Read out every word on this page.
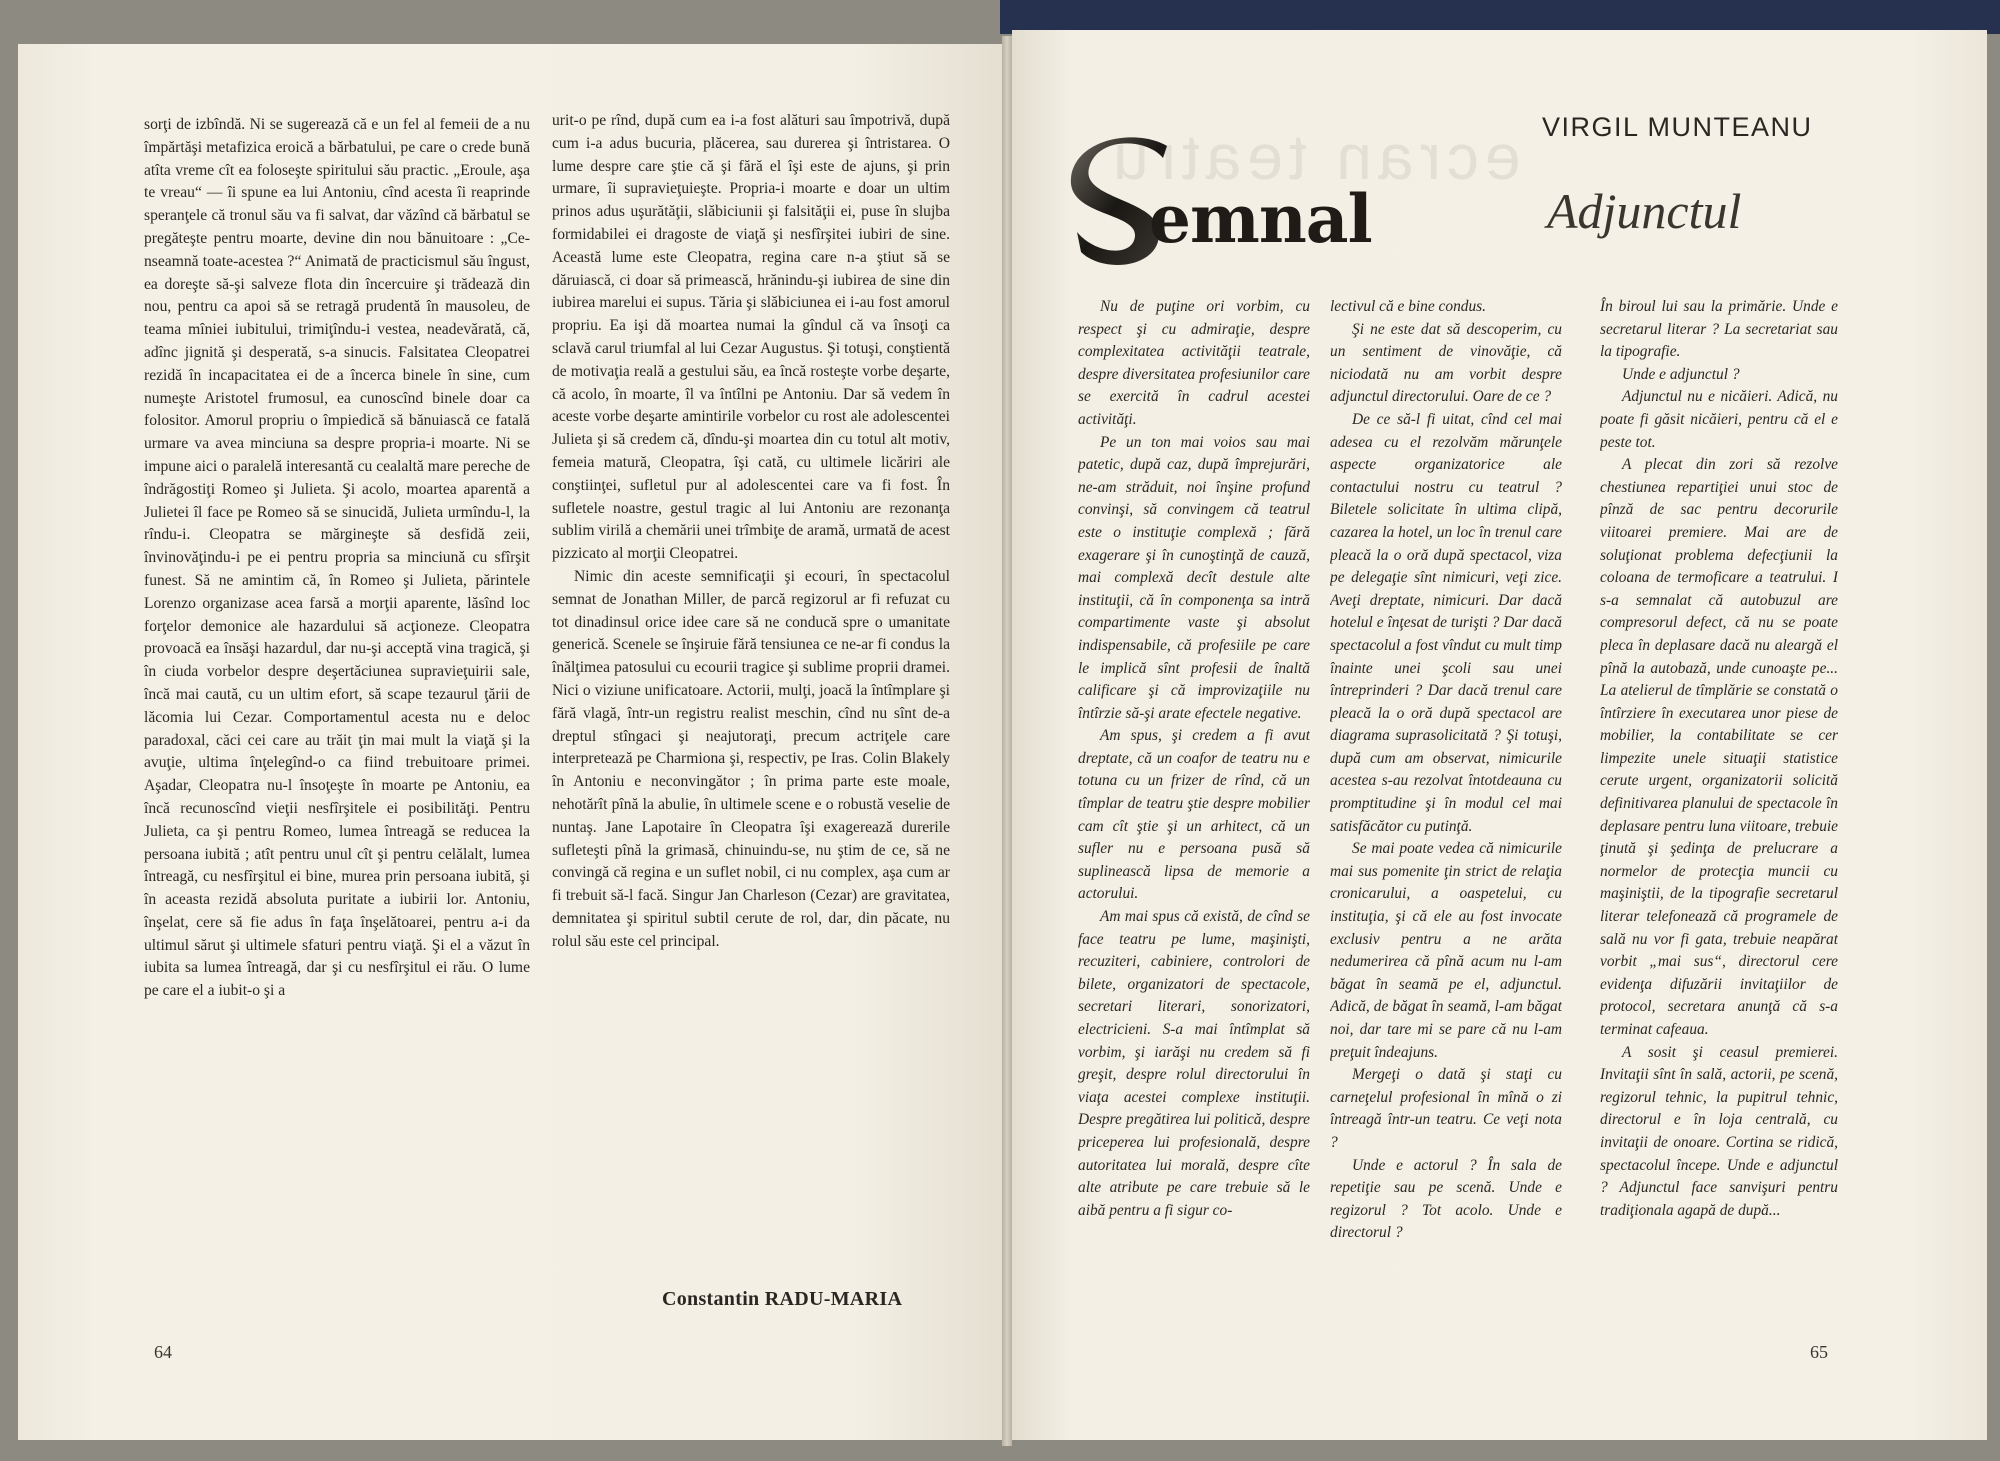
sorţi de izbîndă. Ni se sugerează că e un fel al femeii de a nu împărtăşi metafizica eroică a bărbatului, pe care o crede bună atîta vreme cît ea foloseşte spiritului său practic. „Eroule, aşa te vreau“ — îi spune ea lui Antoniu, cînd acesta îi reaprinde speranţele că tronul său va fi salvat, dar văzînd că bărbatul se pregăteşte pentru moarte, devine din nou bănuitoare : „Ce-nseamnă toate-acestea ?“ Animată de practicismul său îngust, ea doreşte să-şi salveze flota din încercuire şi trădează din nou, pentru ca apoi să se retragă prudentă în mausoleu, de teama mîniei iubitului, trimiţîndu-i vestea, neadevărată, că, adînc jignită şi desperată, s-a sinucis. Falsitatea Cleopatrei rezidă în incapacitatea ei de a încerca binele în sine, cum numeşte Aristotel frumosul, ea cunoscînd binele doar ca folositor. Amorul propriu o împiedică să bănuiască ce fatală urmare va avea minciuna sa despre propria-i moarte. Ni se impune aici o paralelă interesantă cu cealaltă mare pereche de îndrăgostiţi Romeo şi Julieta. Şi acolo, moartea aparentă a Julietei îl face pe Romeo să se sinucidă, Julieta urmîndu-l, la rîndu-i. Cleopatra se mărgineşte să desfidă zeii, învinovăţindu-i pe ei pentru propria sa minciună cu sfîrşit funest. Să ne amintim că, în Romeo şi Julieta, părintele Lorenzo organizase acea farsă a morţii aparente, lăsînd loc forţelor demonice ale hazardului să acţioneze. Cleopatra provoacă ea însăşi hazardul, dar nu-şi acceptă vina tragică, şi în ciuda vorbelor despre deşertăciunea supravieţuirii sale, încă mai caută, cu un ultim efort, să scape tezaurul ţării de lăcomia lui Cezar. Comportamentul acesta nu e deloc paradoxal, căci cei care au trăit ţin mai mult la viaţă şi la avuţie, ultima înţelegînd-o ca fiind trebuitoare primei. Aşadar, Cleopatra nu-l însoţeşte în moarte pe Antoniu, ea încă recunoscînd vieţii nesfîrşitele ei posibilităţi. Pentru Julieta, ca şi pentru Romeo, lumea întreagă se reducea la persoana iubită ; atît pentru unul cît şi pentru celălalt, lumea întreagă, cu nesfîrşitul ei bine, murea prin persoana iubită, şi în aceasta rezidă absoluta puritate a iubirii lor. Antoniu, înşelat, cere să fie adus în faţa înşelătoarei, pentru a-i da ultimul sărut şi ultimele sfaturi pentru viaţă. Şi el a văzut în iubita sa lumea întreagă, dar şi cu nesfîrşitul ei rău. O lume pe care el a iubit-o şi a

urit-o pe rînd, după cum ea i-a fost alături sau împotrivă, după cum i-a adus bucuria, plăcerea, sau durerea şi întristarea. O lume despre care ştie că şi fără el îşi este de ajuns, şi prin urmare, îi supravieţuieşte. Propria-i moarte e doar un ultim prinos adus uşurătăţii, slăbiciunii şi falsităţii ei, puse în slujba formidabilei ei dragoste de viaţă şi nesfîrşitei iubiri de sine. Această lume este Cleopatra, regina care n-a ştiut să se dăruiască, ci doar să primească, hrănindu-şi iubirea de sine din iubirea marelui ei supus. Tăria şi slăbiciunea ei i-au fost amorul propriu. Ea işi dă moartea numai la gîndul că va însoţi ca sclavă carul triumfal al lui Cezar Augustus. Şi totuşi, conştientă de motivaţia reală a gestului său, ea încă rosteşte vorbe deşarte, că acolo, în moarte, îl va întîlni pe Antoniu. Dar să vedem în aceste vorbe deşarte amintirile vorbelor cu rost ale adolescentei Julieta şi să credem că, dîndu-şi moartea din cu totul alt motiv, femeia matură, Cleopatra, îşi cată, cu ultimele licăriri ale conştiinţei, sufletul pur al adolescentei care va fi fost. În sufletele noastre, gestul tragic al lui Antoniu are rezonanţa sublim virilă a chemării unei trîmbiţe de aramă, urmată de acest pizzicato al morţii Cleopatrei.

Nimic din aceste semnificaţii şi ecouri, în spectacolul semnat de Jonathan Miller, de parcă regizorul ar fi refuzat cu tot dinadinsul orice idee care să ne conducă spre o umanitate generică. Scenele se înşiruie fără tensiunea ce ne-ar fi condus la înălţimea patosului cu ecourii tragice şi sublime proprii dramei. Nici o viziune unificatoare. Actorii, mulţi, joacă la întîmplare şi fără vlagă, într-un registru realist meschin, cînd nu sînt de-a dreptul stîngaci şi neajutoraţi, precum actriţele care interpretează pe Charmiona şi, respectiv, pe Iras. Colin Blakely în Antoniu e neconvingător ; în prima parte este moale, nehotărît pînă la abulie, în ultimele scene e o robustă veselie de nuntaş. Jane Lapotaire în Cleopatra îşi exagerează durerile sufleteşti pînă la grimasă, chinuindu-se, nu ştim de ce, să ne convingă că regina e un suflet nobil, ci nu complex, aşa cum ar fi trebuit să-l facă. Singur Jan Charleson (Cezar) are gravitatea, demnitatea şi spiritul subtil cerute de rol, dar, din păcate, nu rolul său este cel principal.

Constantin RADU-MARIA
64
ecran teatru
emnal
VIRGIL MUNTEANU
Adjunctul

Nu de puţine ori vorbim, cu respect şi cu admiraţie, despre complexitatea activităţii teatrale, despre diversitatea profesiunilor care se exercită în cadrul acestei activităţi.

Pe un ton mai voios sau mai patetic, după caz, după împrejurări, ne-am străduit, noi înşine profund convinşi, să convingem că teatrul este o instituţie complexă ; fără exagerare şi în cunoştinţă de cauză, mai complexă decît destule alte instituţii, că în componenţa sa intră compartimente vaste şi absolut indispensabile, că profesiile pe care le implică sînt profesii de înaltă calificare şi că improvizaţiile nu întîrzie să-şi arate efectele negative.

Am spus, şi credem a fi avut dreptate, că un coafor de teatru nu e totuna cu un frizer de rînd, că un tîmplar de teatru ştie despre mobilier cam cît ştie şi un arhitect, că un sufler nu e persoana pusă să suplinească lipsa de memorie a actorului.

Am mai spus că există, de cînd se face teatru pe lume, maşinişti, recuziteri, cabiniere, controlori de bilete, organizatori de spectacole, secretari literari, sonorizatori, electricieni. S-a mai întîmplat să vorbim, şi iarăşi nu credem să fi greşit, despre rolul directorului în viaţa acestei complexe instituţii. Despre pregătirea lui politică, despre priceperea lui profesională, despre autoritatea lui morală, despre cîte alte atribute pe care trebuie să le aibă pentru a fi sigur co-

lectivul că e bine condus.

Şi ne este dat să descoperim, cu un sentiment de vinovăţie, că niciodată nu am vorbit despre adjunctul directorului. Oare de ce ?

De ce să-l fi uitat, cînd cel mai adesea cu el rezolvăm mărunţele aspecte organizatorice ale contactului nostru cu teatrul ? Biletele solicitate în ultima clipă, cazarea la hotel, un loc în trenul care pleacă la o oră după spectacol, viza pe delegaţie sînt nimicuri, veţi zice. Aveţi dreptate, nimicuri. Dar dacă hotelul e înţesat de turişti ? Dar dacă spectacolul a fost vîndut cu mult timp înainte unei şcoli sau unei întreprinderi ? Dar dacă trenul care pleacă la o oră după spectacol are diagrama suprasolicitată ? Şi totuşi, după cum am observat, nimicurile acestea s-au rezolvat întotdeauna cu promptitudine şi în modul cel mai satisfăcător cu putinţă.

Se mai poate vedea că nimicurile mai sus pomenite ţin strict de relaţia cronicarului, a oaspetelui, cu instituţia, şi că ele au fost invocate exclusiv pentru a ne arăta nedumerirea că pînă acum nu l-am băgat în seamă pe el, adjunctul. Adică, de băgat în seamă, l-am băgat noi, dar tare mi se pare că nu l-am preţuit îndeajuns.

Mergeţi o dată şi staţi cu carneţelul profesional în mînă o zi întreagă într-un teatru. Ce veţi nota ?

Unde e actorul ? În sala de repetiţie sau pe scenă. Unde e regizorul ? Tot acolo. Unde e directorul ?

În biroul lui sau la primărie. Unde e secretarul literar ? La secretariat sau la tipografie.

Unde e adjunctul ?

Adjunctul nu e nicăieri. Adică, nu poate fi găsit nicăieri, pentru că el e peste tot.

A plecat din zori să rezolve chestiunea repartiţiei unui stoc de pînză de sac pentru decorurile viitoarei premiere. Mai are de soluţionat problema defecţiunii la coloana de termoficare a teatrului. I s-a semnalat că autobuzul are compresorul defect, că nu se poate pleca în deplasare dacă nu aleargă el pînă la autobază, unde cunoaşte pe... La atelierul de tîmplărie se constată o întîrziere în executarea unor piese de mobilier, la contabilitate se cer limpezite unele situaţii statistice cerute urgent, organizatorii solicită definitivarea planului de spectacole în deplasare pentru luna viitoare, trebuie ţinută şi şedinţa de prelucrare a normelor de protecţia muncii cu maşiniştii, de la tipografie secretarul literar telefonează că programele de sală nu vor fi gata, trebuie neapărat vorbit „mai sus“, directorul cere evidenţa difuzării invitaţiilor de protocol, secretara anunţă că s-a terminat cafeaua.

A sosit şi ceasul premierei. Invitaţii sînt în sală, actorii, pe scenă, regizorul tehnic, la pupitrul tehnic, directorul e în loja centrală, cu invitaţii de onoare. Cortina se ridică, spectacolul începe. Unde e adjunctul ? Adjunctul face sanvişuri pentru tradiţionala agapă de după...

65
